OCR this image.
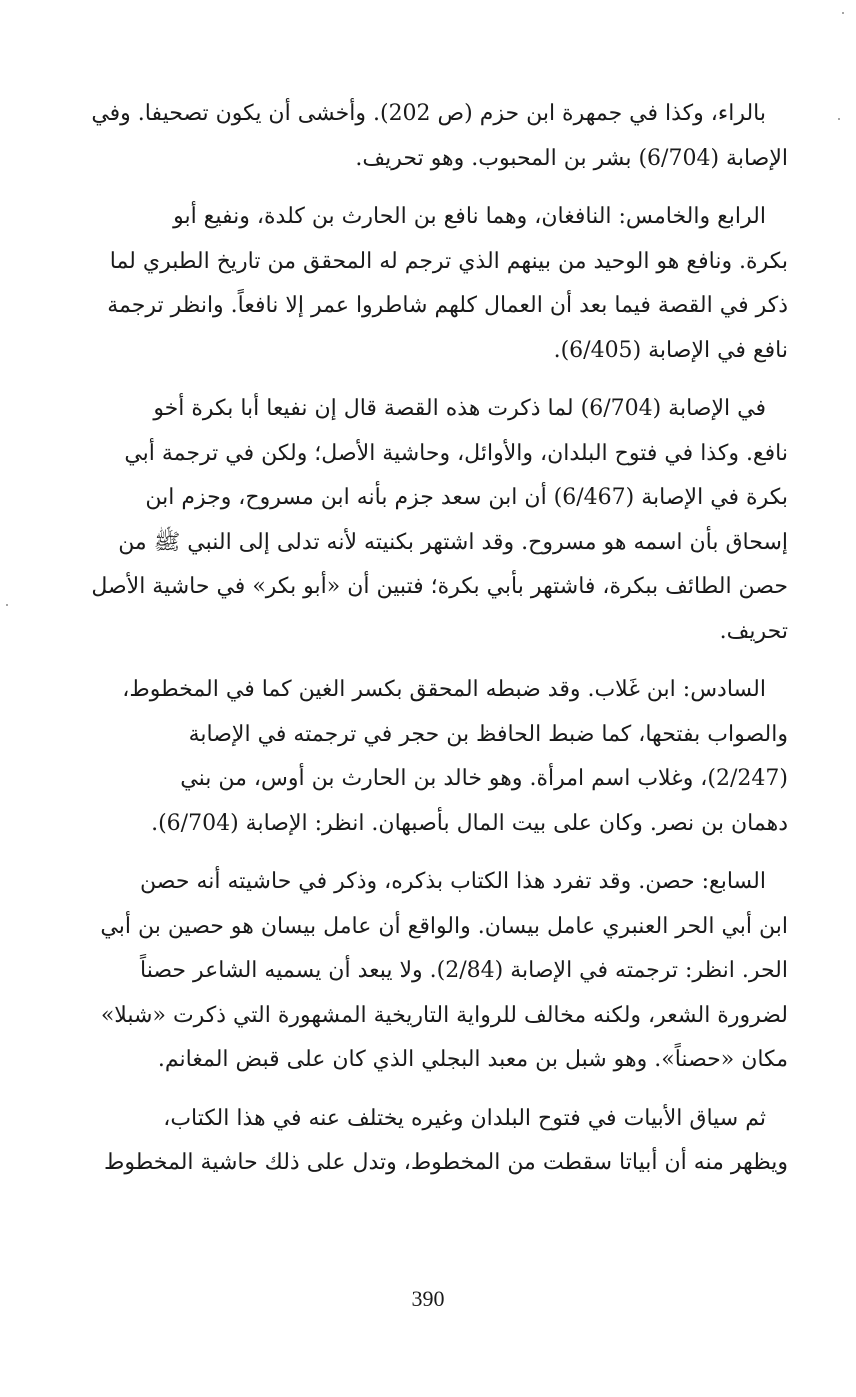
بالراء، وكذا في جمهرة ابن حزم (ص 202). وأخشى أن يكون تصحيفا. وفي
الإصابة (6/704) بشر بن المحبوب. وهو تحريف.
الرابع والخامس: النافغان، وهما نافع بن الحارث بن كلدة، ونفيع أبو
بكرة. ونافع هو الوحيد من بينهم الذي ترجم له المحقق من تاريخ الطبري لما
ذكر في القصة فيما بعد أن العمال كلهم شاطروا عمر إلا نافعاً. وانظر ترجمة
نافع في الإصابة (6/405).
في الإصابة (6/704) لما ذكرت هذه القصة قال إن نفيعا أبا بكرة أخو
نافع. وكذا في فتوح البلدان، والأوائل، وحاشية الأصل؛ ولكن في ترجمة أبي
بكرة في الإصابة (6/467) أن ابن سعد جزم بأنه ابن مسروح، وجزم ابن
إسحاق بأن اسمه هو مسروح. وقد اشتهر بكنيته لأنه تدلى إلى النبي ﷺ من
حصن الطائف ببكرة، فاشتهر بأبي بكرة؛ فتبين أن «أبو بكر» في حاشية الأصل
تحريف.
السادس: ابن غَلاب. وقد ضبطه المحقق بكسر الغين كما في المخطوط،
والصواب بفتحها، كما ضبط الحافظ بن حجر في ترجمته في الإصابة
(2/247)، وغلاب اسم امرأة. وهو خالد بن الحارث بن أوس، من بني
دهمان بن نصر. وكان على بيت المال بأصبهان. انظر: الإصابة (6/704).
السابع: حصن. وقد تفرد هذا الكتاب بذكره، وذكر في حاشيته أنه حصن
ابن أبي الحر العنبري عامل بيسان. والواقع أن عامل بيسان هو حصين بن أبي
الحر. انظر: ترجمته في الإصابة (2/84). ولا يبعد أن يسميه الشاعر حصناً
لضرورة الشعر، ولكنه مخالف للرواية التاريخية المشهورة التي ذكرت «شبلا»
مكان «حصناً». وهو شبل بن معبد البجلي الذي كان على قبض المغانم.
ثم سياق الأبيات في فتوح البلدان وغيره يختلف عنه في هذا الكتاب،
ويظهر منه أن أبياتا سقطت من المخطوط، وتدل على ذلك حاشية المخطوط
390
